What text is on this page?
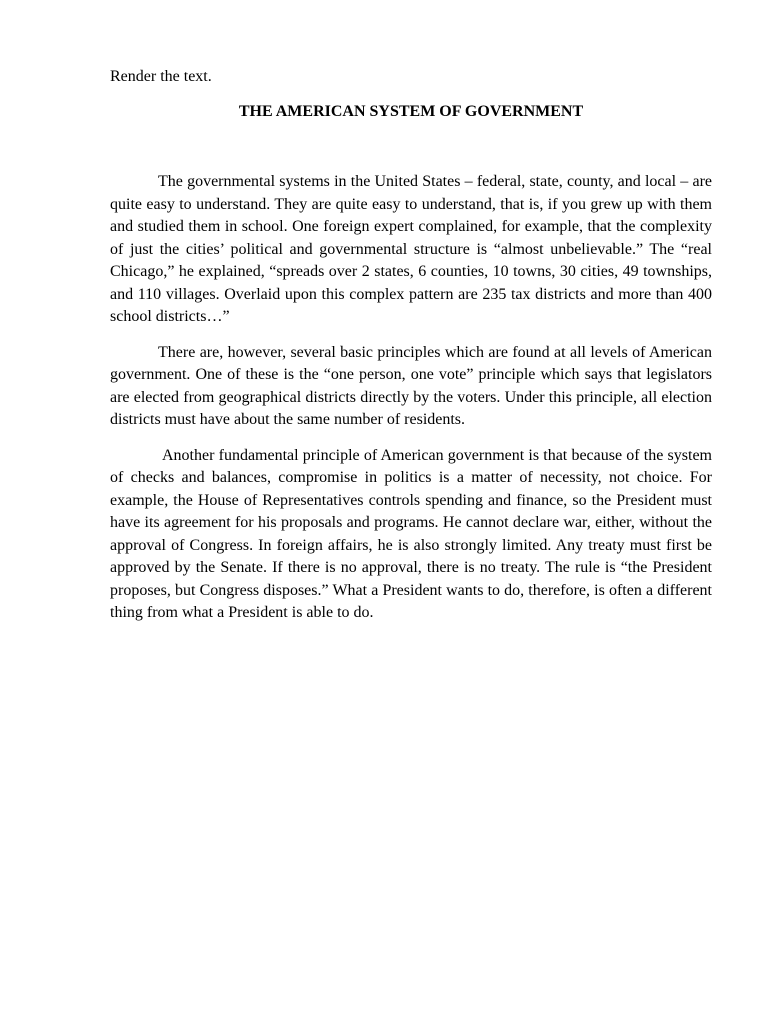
Render the text.

THE AMERICAN SYSTEM OF GOVERNMENT

The governmental systems in the United States – federal, state, county, and local – are quite easy to understand. They are quite easy to understand, that is, if you grew up with them and studied them in school. One foreign expert complained, for example, that the complexity of just the cities’ political and governmental structure is “almost unbelievable.” The “real Chicago,” he explained, “spreads over 2 states, 6 counties, 10 towns, 30 cities, 49 townships, and 110 villages. Overlaid upon this complex pattern are 235 tax districts and more than 400 school districts…”

There are, however, several basic principles which are found at all levels of American government. One of these is the “one person, one vote” principle which says that legislators are elected from geographical districts directly by the voters. Under this principle, all election districts must have about the same number of residents.

Another fundamental principle of American government is that because of the system of checks and balances, compromise in politics is a matter of necessity, not choice. For example, the House of Representatives controls spending and finance, so the President must have its agreement for his proposals and programs. He cannot declare war, either, without the approval of Congress. In foreign affairs, he is also strongly limited. Any treaty must first be approved by the Senate. If there is no approval, there is no treaty. The rule is “the President proposes, but Congress disposes.” What a President wants to do, therefore, is often a different thing from what a President is able to do.
